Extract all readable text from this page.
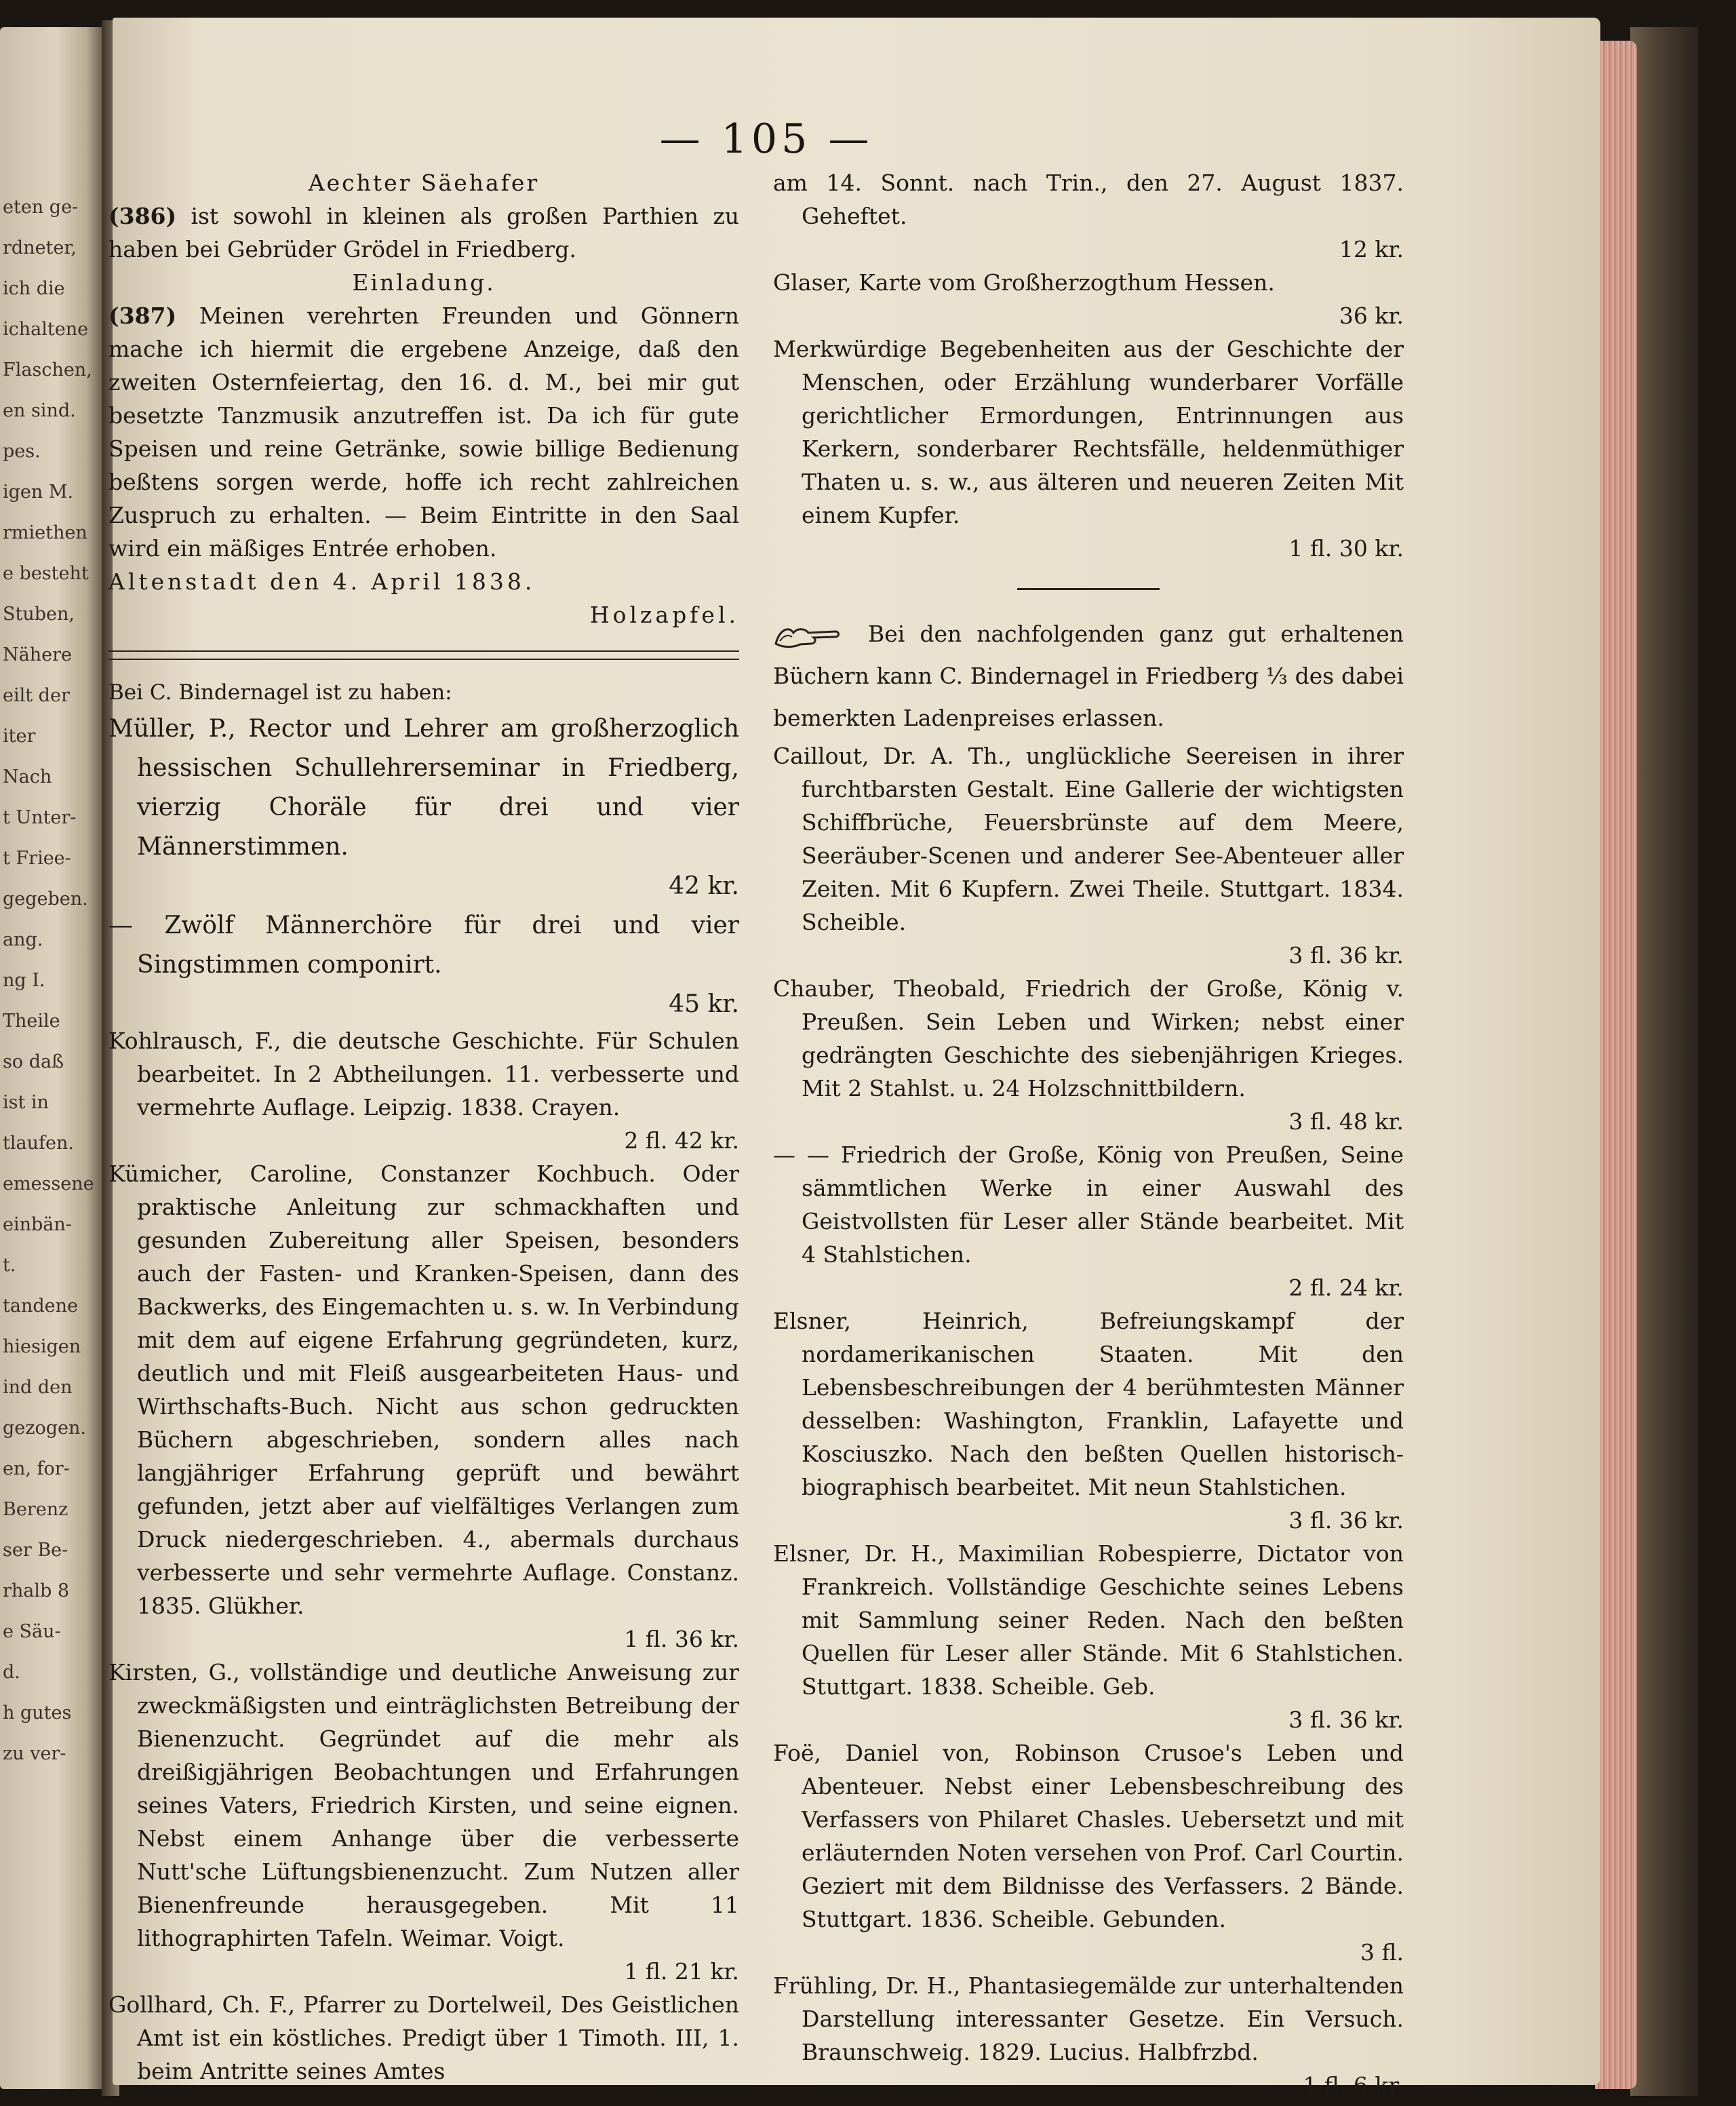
eten ge-
rdneter,
ich die
ichaltene
Flaschen,
en sind.
pes.
igen M.
rmiethen
e besteht
Stuben,
Nähere
eilt der
iter
Nach
t Unter-
t Friee-
gegeben.
ang.
ng I.
Theile
so daß
ist in
tlaufen.
emessene
einbän-
t.
tandene
hiesigen
ind den
gezogen.
en, for-
Berenz
ser Be-
rhalb 8
e Säu-
d.
h gutes
zu ver-
— 105 —

Aechter Säehafer

(386) ist sowohl in kleinen als großen Parthien zu haben bei Gebrüder Grödel in Friedberg.

Einladung.

(387) Meinen verehrten Freunden und Gönnern mache ich hiermit die ergebene Anzeige, daß den zweiten Osternfeiertag, den 16. d. M., bei mir gut besetzte Tanzmusik anzutreffen ist. Da ich für gute Speisen und reine Getränke, sowie billige Bedienung beßtens sorgen werde, hoffe ich recht zahlreichen Zuspruch zu erhalten. — Beim Eintritte in den Saal wird ein mäßiges Entrée erhoben.

Altenstadt den 4. April 1838.

Holzapfel.

Bei C. Bindernagel ist zu haben:

Müller, P., Rector und Lehrer am großherzoglich hessischen Schullehrerseminar in Friedberg, vierzig Choräle für drei und vier Männerstimmen.
42 kr.

— Zwölf Männerchöre für drei und vier Singstimmen componirt.
45 kr.

Kohlrausch, F., die deutsche Geschichte. Für Schulen bearbeitet. In 2 Abtheilungen. 11. verbesserte und vermehrte Auflage. Leipzig. 1838. Crayen.
2 fl. 42 kr.

Kümicher, Caroline, Constanzer Kochbuch. Oder praktische Anleitung zur schmackhaften und gesunden Zubereitung aller Speisen, besonders auch der Fasten- und Kranken-Speisen, dann des Backwerks, des Eingemachten u. s. w. In Verbindung mit dem auf eigene Erfahrung gegründeten, kurz, deutlich und mit Fleiß ausgearbeiteten Haus- und Wirthschafts-Buch. Nicht aus schon gedruckten Büchern abgeschrieben, sondern alles nach langjähriger Erfahrung geprüft und bewährt gefunden, jetzt aber auf vielfältiges Verlangen zum Druck niedergeschrieben. 4., abermals durchaus verbesserte und sehr vermehrte Auflage. Constanz. 1835. Glükher.
1 fl. 36 kr.

Kirsten, G., vollständige und deutliche Anweisung zur zweckmäßigsten und einträglichsten Betreibung der Bienenzucht. Gegründet auf die mehr als dreißigjährigen Beobachtungen und Erfahrungen seines Vaters, Friedrich Kirsten, und seine eignen. Nebst einem Anhange über die verbesserte Nutt'sche Lüftungsbienenzucht. Zum Nutzen aller Bienenfreunde herausgegeben. Mit 11 lithographirten Tafeln. Weimar. Voigt.
1 fl. 21 kr.

Gollhard, Ch. F., Pfarrer zu Dortelweil, Des Geistlichen Amt ist ein köstliches. Predigt über 1 Timoth. III, 1. beim Antritte seines Amtes

am 14. Sonnt. nach Trin., den 27. August 1837. Geheftet.
12 kr.

Glaser, Karte vom Großherzogthum Hessen.
36 kr.

Merkwürdige Begebenheiten aus der Geschichte der Menschen, oder Erzählung wunderbarer Vorfälle gerichtlicher Ermordungen, Entrinnungen aus Kerkern, sonderbarer Rechtsfälle, heldenmüthiger Thaten u. s. w., aus älteren und neueren Zeiten Mit einem Kupfer.
1 fl. 30 kr.

Bei den nachfolgenden ganz gut erhaltenen Büchern kann C. Bindernagel in Friedberg ⅓ des dabei bemerkten Ladenpreises erlassen.

Caillout, Dr. A. Th., unglückliche Seereisen in ihrer furchtbarsten Gestalt. Eine Gallerie der wichtigsten Schiffbrüche, Feuersbrünste auf dem Meere, Seeräuber-Scenen und anderer See-Abenteuer aller Zeiten. Mit 6 Kupfern. Zwei Theile. Stuttgart. 1834. Scheible.
3 fl. 36 kr.

Chauber, Theobald, Friedrich der Große, König v. Preußen. Sein Leben und Wirken; nebst einer gedrängten Geschichte des siebenjährigen Krieges. Mit 2 Stahlst. u. 24 Holzschnittbildern.
3 fl. 48 kr.

— — Friedrich der Große, König von Preußen, Seine sämmtlichen Werke in einer Auswahl des Geistvollsten für Leser aller Stände bearbeitet. Mit 4 Stahlstichen.
2 fl. 24 kr.

Elsner, Heinrich, Befreiungskampf der nordamerikanischen Staaten. Mit den Lebensbeschreibungen der 4 berühmtesten Männer desselben: Washington, Franklin, Lafayette und Kosciuszko. Nach den beßten Quellen historisch-biographisch bearbeitet. Mit neun Stahlstichen.
3 fl. 36 kr.

Elsner, Dr. H., Maximilian Robespierre, Dictator von Frankreich. Vollständige Geschichte seines Lebens mit Sammlung seiner Reden. Nach den beßten Quellen für Leser aller Stände. Mit 6 Stahlstichen. Stuttgart. 1838. Scheible. Geb.
3 fl. 36 kr.

Foë, Daniel von, Robinson Crusoe's Leben und Abenteuer. Nebst einer Lebensbeschreibung des Verfassers von Philaret Chasles. Uebersetzt und mit erläuternden Noten versehen von Prof. Carl Courtin. Geziert mit dem Bildnisse des Verfassers. 2 Bände. Stuttgart. 1836. Scheible. Gebunden.
3 fl.

Frühling, Dr. H., Phantasiegemälde zur unterhaltenden Darstellung interessanter Gesetze. Ein Versuch. Braunschweig. 1829. Lucius. Halbfrzbd.
1 fl. 6 kr.
